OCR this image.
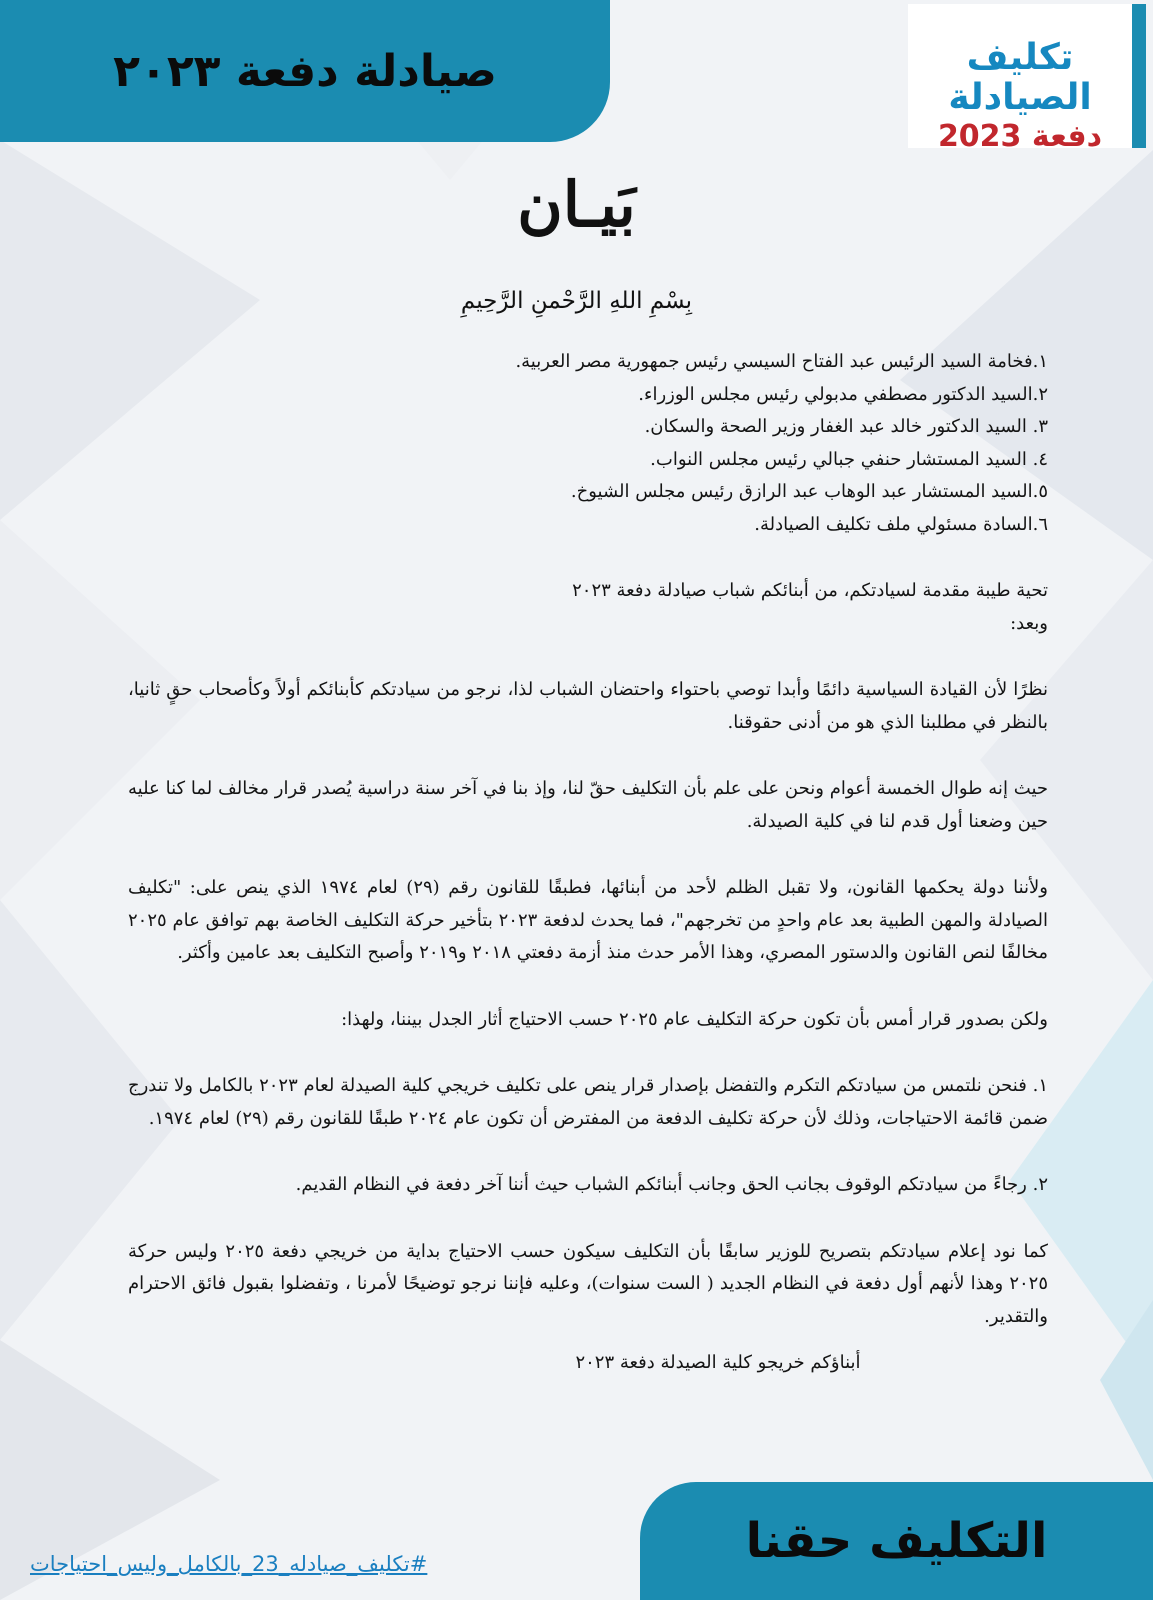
صيادلة دفعة ٢٠٢٣	تكليف الصيادلة
دفعة 2023
بَيـان
بِسْمِ اللهِ الرَّحْمنِ الرَّحِيمِ
١.فخامة السيد الرئيس عبد الفتاح السيسي رئيس جمهورية مصر العربية.
٢.السيد الدكتور مصطفي مدبولي رئيس مجلس الوزراء.
٣. السيد الدكتور خالد عبد الغفار وزير الصحة والسكان.
٤. السيد المستشار حنفي جبالي رئيس مجلس النواب.
٥.السيد المستشار عبد الوهاب عبد الرازق رئيس مجلس الشيوخ.
٦.السادة مسئولي ملف تكليف الصيادلة.
تحية طيبة مقدمة لسيادتكم، من أبنائكم شباب صيادلة دفعة ٢٠٢٣
وبعد:

نظرًا لأن القيادة السياسية دائمًا وأبدا توصي باحتواء واحتضان الشباب لذا، نرجو من سيادتكم كأبنائكم أولاً وكأصحاب حقٍ ثانيا، بالنظر في مطلبنا الذي هو من أدنى حقوقنا.

حيث إنه طوال الخمسة أعوام ونحن على علم بأن التكليف حقّ لنا، وإذ بنا في آخر سنة دراسية يُصدر قرار مخالف لما كنا عليه حين وضعنا أول قدم لنا في كلية الصيدلة.

ولأننا دولة يحكمها القانون، ولا تقبل الظلم لأحد من أبنائها، فطبقًا للقانون رقم (٢٩) لعام ١٩٧٤ الذي ينص على: "تكليف الصيادلة والمهن الطبية بعد عام واحدٍ من تخرجهم"، فما يحدث لدفعة ٢٠٢٣ بتأخير حركة التكليف الخاصة بهم توافق عام ٢٠٢٥ مخالفًا لنص القانون والدستور المصري، وهذا الأمر حدث منذ أزمة دفعتي ٢٠١٨ و٢٠١٩ وأصبح التكليف بعد عامين وأكثر.

ولكن بصدور قرار أمس بأن تكون حركة التكليف عام ٢٠٢٥ حسب الاحتياج أثار الجدل بيننا، ولهذا:

١. فنحن نلتمس من سيادتكم التكرم والتفضل بإصدار قرار ينص على تكليف خريجي كلية الصيدلة لعام ٢٠٢٣ بالكامل ولا تندرج ضمن قائمة الاحتياجات، وذلك لأن حركة تكليف الدفعة من المفترض أن تكون عام ٢٠٢٤ طبقًا للقانون رقم (٢٩) لعام ١٩٧٤.

٢. رجاءً من سيادتكم الوقوف بجانب الحق وجانب أبنائكم الشباب حيث أننا آخر دفعة في النظام القديم.

كما نود إعلام سيادتكم بتصريح للوزير سابقًا بأن التكليف سيكون حسب الاحتياج بداية من خريجي دفعة ٢٠٢٥ وليس حركة ٢٠٢٥ وهذا لأنهم أول دفعة في النظام الجديد ( الست سنوات)، وعليه فإننا نرجو توضيحًا لأمرنا ، وتفضلوا بقبول فائق الاحترام والتقدير.

أبناؤكم خريجو كلية الصيدلة دفعة ٢٠٢٣
التكليف حقنا
#تكليف_صيادله_23_بالكامل_وليس_احتياجات
